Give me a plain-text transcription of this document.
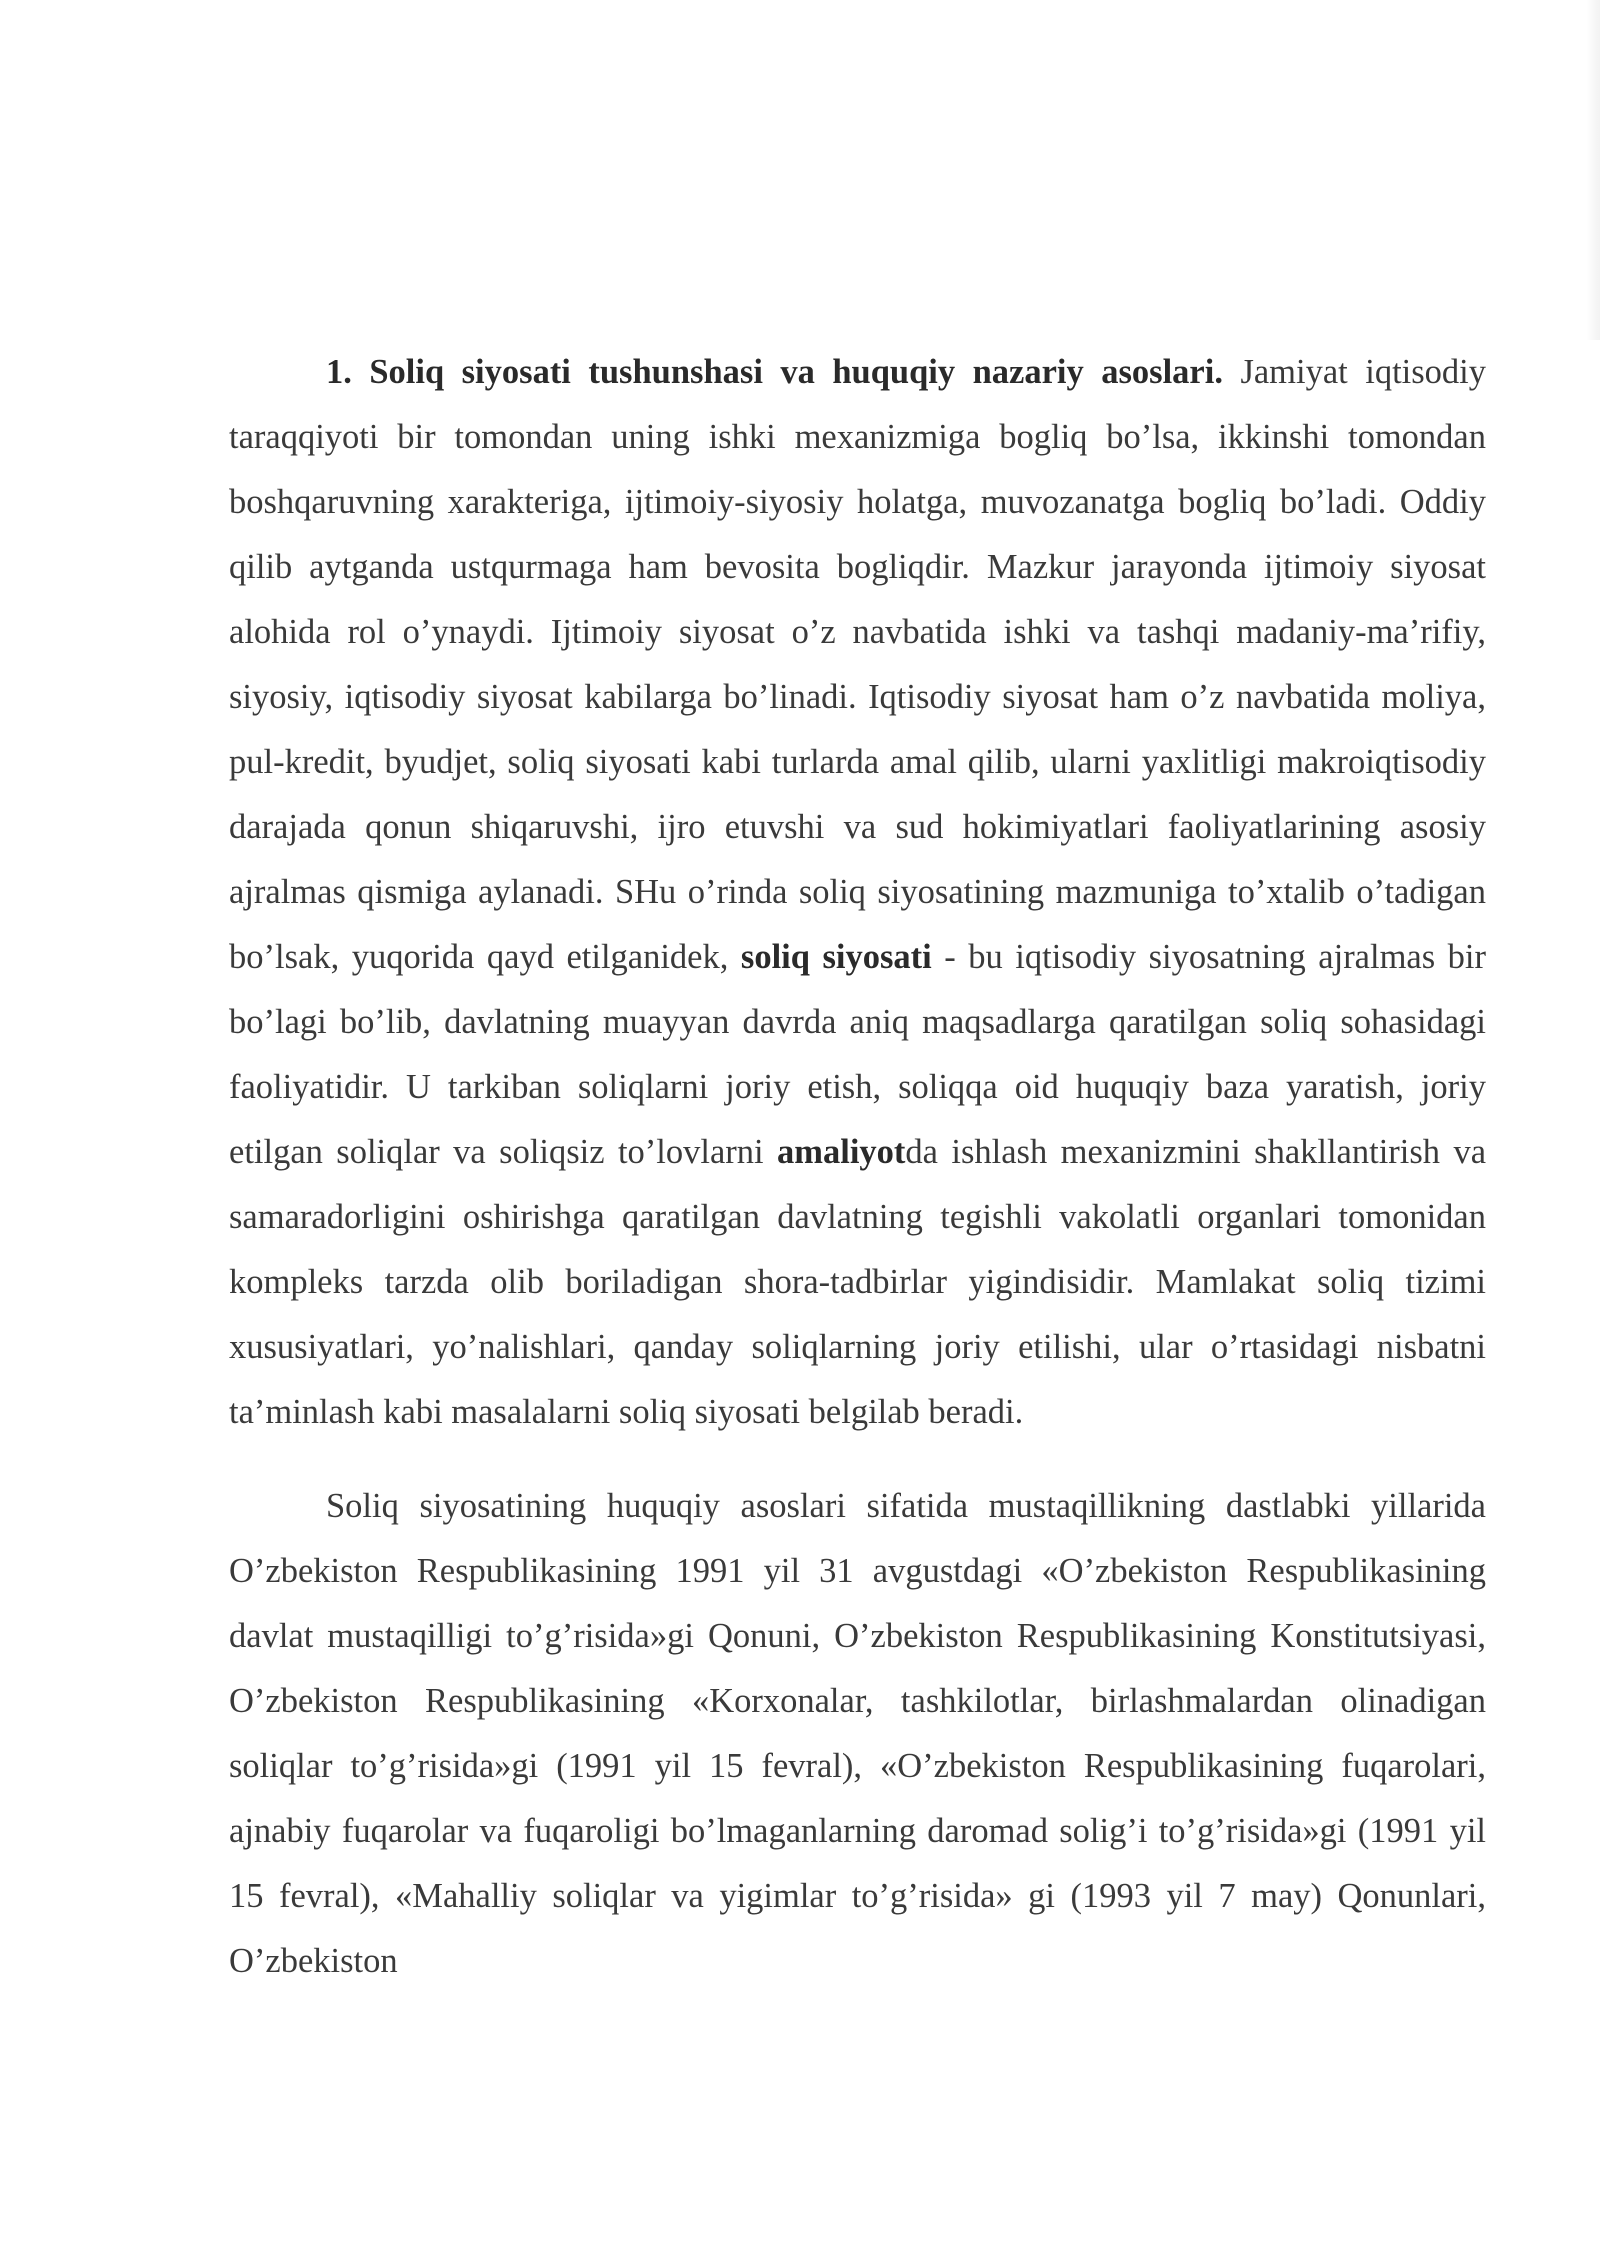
1. Soliq siyosati tushunshasi va huquqiy nazariy asoslari. Jamiyat iqtisodiy taraqqiyoti bir tomondan uning ishki mexanizmiga bogliq bo’lsa, ikkinshi tomondan boshqaruvning xarakteriga, ijtimoiy-siyosiy holatga, muvozanatga bogliq bo’ladi. Oddiy qilib aytganda ustqurmaga ham bevosita bogliqdir. Mazkur jarayonda ijtimoiy siyosat alohida rol o’ynaydi. Ijtimoiy siyosat o’z navbatida ishki va tashqi madaniy-ma’rifiy, siyosiy, iqtisodiy siyosat kabilarga bo’linadi. Iqtisodiy siyosat ham o’z navbatida moliya, pul-kredit, byudjet, soliq siyosati kabi turlarda amal qilib, ularni yaxlitligi makroiqtisodiy darajada qonun shiqaruvshi, ijro etuvshi va sud hokimiyatlari faoliyatlarining asosiy ajralmas qismiga aylanadi. SHu o’rinda soliq siyosatining mazmuniga to’xtalib o’tadigan bo’lsak, yuqorida qayd etilganidek, soliq siyosati - bu iqtisodiy siyosatning ajralmas bir bo’lagi bo’lib, davlatning muayyan davrda aniq maqsadlarga qaratilgan soliq sohasidagi faoliyatidir. U tarkiban soliqlarni joriy etish, soliqqa oid huquqiy baza yaratish, joriy etilgan soliqlar va soliqsiz to’lovlarni amaliyotda ishlash mexanizmini shakllantirish va samaradorligini oshirishga qaratilgan davlatning tegishli vakolatli organlari tomonidan kompleks tarzda olib boriladigan shora-tadbirlar yigindisidir. Mamlakat soliq tizimi xususiyatlari, yo’nalishlari, qanday soliqlarning joriy etilishi, ular o’rtasidagi nisbatni ta’minlash kabi masalalarni soliq siyosati belgilab beradi.

Soliq siyosatining huquqiy asoslari sifatida mustaqillikning dastlabki yillarida O’zbekiston Respublikasining 1991 yil 31 avgustdagi «O’zbekiston Respublikasining davlat mustaqilligi to’g’risida»gi Qonuni, O’zbekiston Respublikasining Konstitutsiyasi, O’zbekiston Respublikasining «Korxonalar, tashkilotlar, birlashmalardan olinadigan soliqlar to’g’risida»gi (1991 yil 15 fevral), «O’zbekiston Respublikasining fuqarolari, ajnabiy fuqarolar va fuqaroligi bo’lmaganlarning daromad solig’i to’g’risida»gi (1991 yil 15 fevral), «Mahalliy soliqlar va yigimlar to’g’risida» gi (1993 yil 7 may) Qonunlari, O’zbekiston
